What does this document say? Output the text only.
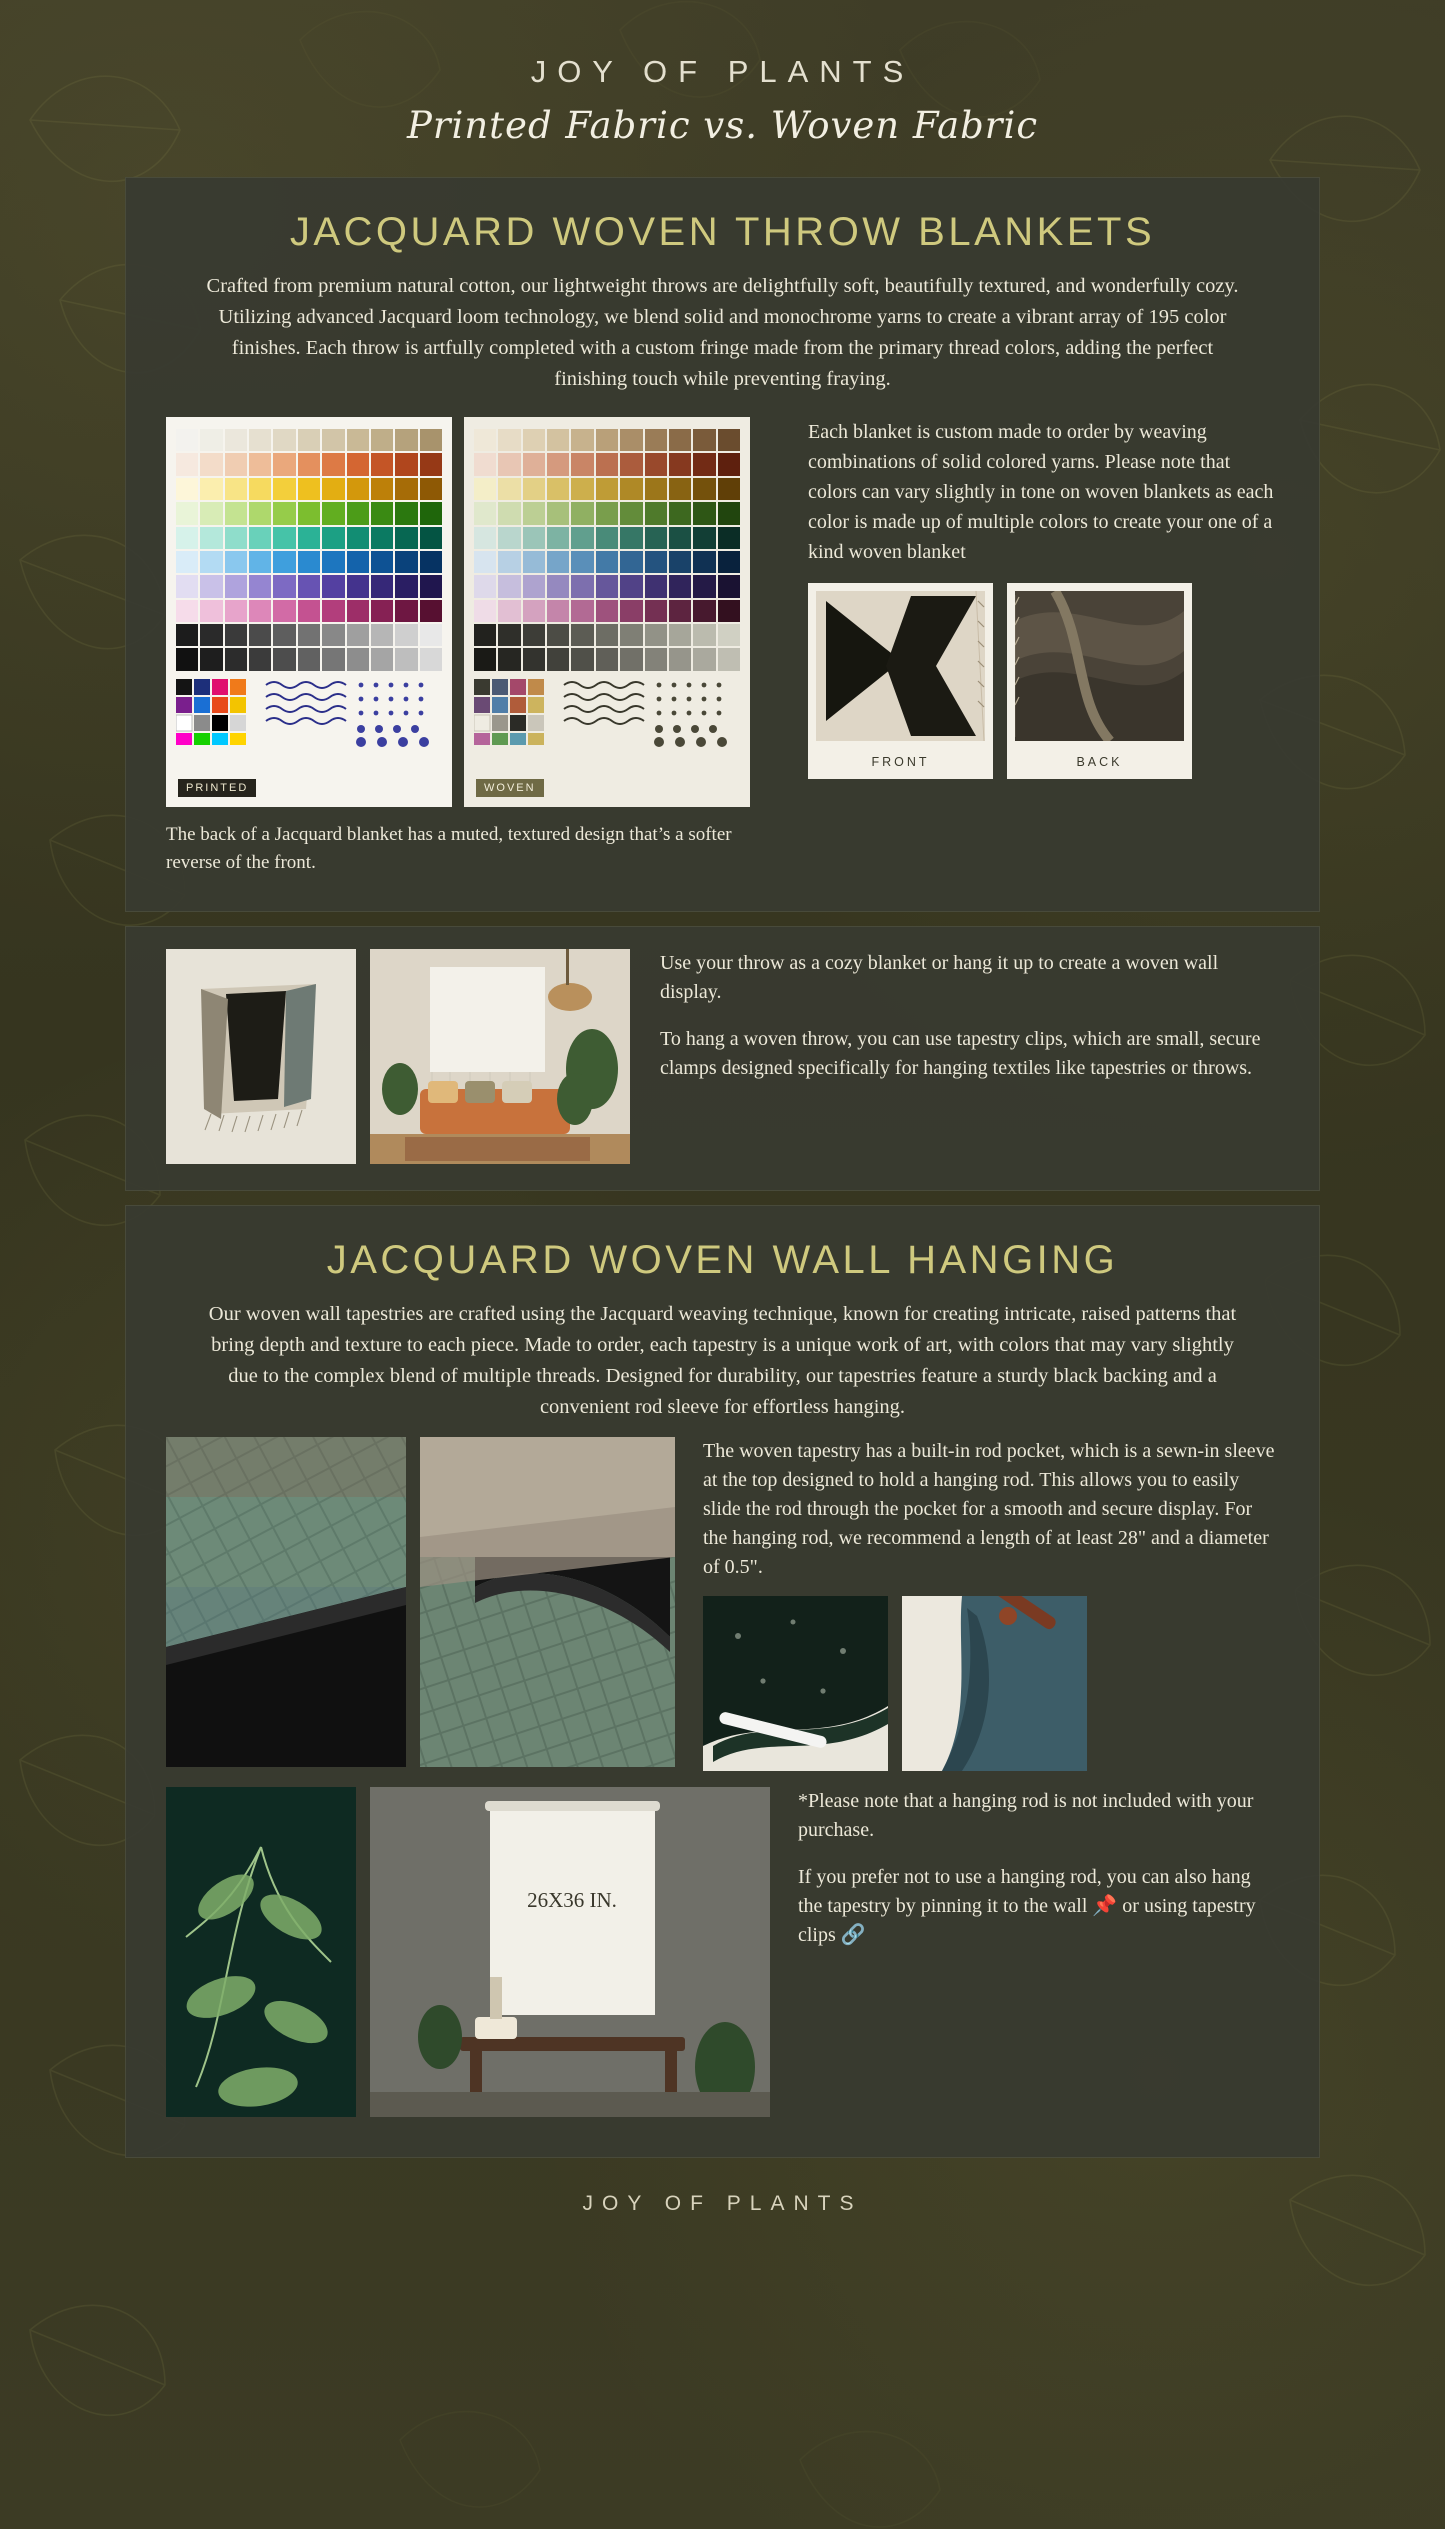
JOY OF PLANTS
Printed Fabric vs. Woven Fabric
JACQUARD WOVEN THROW BLANKETS
Crafted from premium natural cotton, our lightweight throws are delightfully soft, beautifully textured, and wonderfully cozy. Utilizing advanced Jacquard loom technology, we blend solid and monochrome yarns to create a vibrant array of 195 color finishes. Each throw is artfully completed with a custom fringe made from the primary thread colors, adding the perfect finishing touch while preventing fraying.
PRINTED	WOVEN
The back of a Jacquard blanket has a muted, textured design that’s a softer reverse of the front.
Each blanket is custom made to order by weaving combinations of solid colored yarns. Please note that colors can vary slightly in tone on woven blankets as each color is made up of multiple colors to create your one of a kind woven blanket
FRONT	BACK

Use your throw as a cozy blanket or hang it up to create a woven wall display.

To hang a woven throw, you can use tapestry clips, which are small, secure clamps designed specifically for hanging textiles like tapestries or throws.

JACQUARD WOVEN WALL HANGING
Our woven wall tapestries are crafted using the Jacquard weaving technique, known for creating intricate, raised patterns that bring depth and texture to each piece. Made to order, each tapestry is a unique work of art, with colors that may vary slightly due to the complex blend of multiple threads. Designed for durability, our tapestries feature a sturdy black backing and a convenient rod sleeve for effortless hanging.

The woven tapestry has a built-in rod pocket, which is a sewn-in sleeve at the top designed to hold a hanging rod. This allows you to easily slide the rod through the pocket for a smooth and secure display. For the hanging rod, we recommend a length of at least 28" and a diameter of 0.5".

26X36 IN.

*Please note that a hanging rod is not included with your purchase.

If you prefer not to use a hanging rod, you can also hang the tapestry by pinning it to the wall 📌 or using tapestry clips 🔗

JOY OF PLANTS
